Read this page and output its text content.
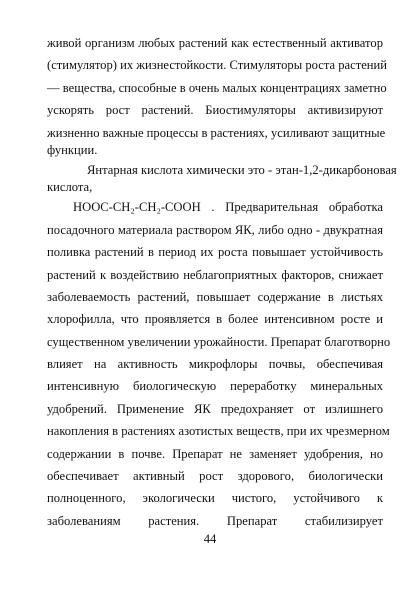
живой организм любых растений как естественный активатор
(стимулятор) их жизнестойкости. Стимуляторы роста растений
— вещества, способные в очень малых концентрациях заметно
ускорять рост растений. Биостимуляторы активизируют
жизненно важные процессы в растениях, усиливают защитные
функции.
Янтарная кислота химически это - этан-1,2-дикарбоновая
кислота,
HOOC-CH₂-CH₂-COOH . Предварительная обработка
посадочного материала раствором ЯК, либо одно - двукратная
поливка растений в период их роста повышает устойчивость
растений к воздействию неблагоприятных факторов, снижает
заболеваемость растений, повышает содержание в листьях
хлорофилла, что проявляется в более интенсивном росте и
существенном увеличении урожайности. Препарат благотворно
влияет на активность микрофлоры почвы, обеспечивая
интенсивную биологическую переработку минеральных
удобрений. Применение ЯК предохраняет от излишнего
накопления в растениях азотистых веществ, при их чрезмерном
содержании в почве. Препарат не заменяет удобрения, но
обеспечивает активный рост здорового, биологически
полноценного, экологически чистого, устойчивого к
заболеваниям растения. Препарат стабилизирует
44
